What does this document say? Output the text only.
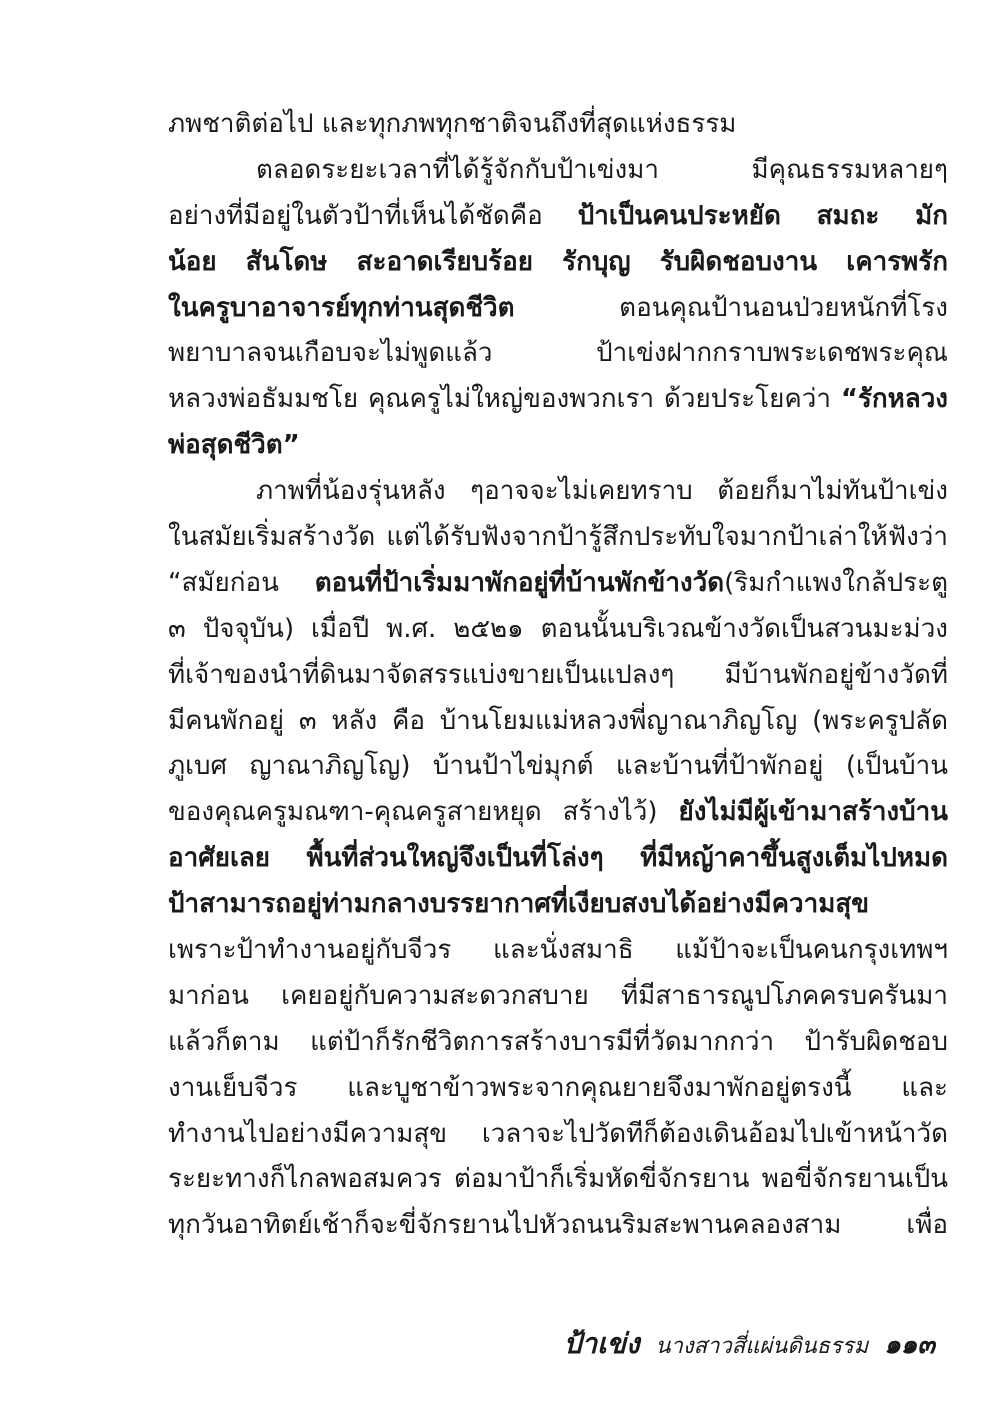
ภพชาติต่อไป และทุกภพทุกชาติจนถึงที่สุดแห่งธรรม
ตลอดระยะเวลาที่ได้รู้จักกับป้าเข่งมา มีคุณธรรมหลายๆ
อย่างที่มีอยู่ในตัวป้าที่เห็นได้ชัดคือ ป้าเป็นคนประหยัด สมถะ มัก
น้อย สันโดษ สะอาดเรียบร้อย รักบุญ รับผิดชอบงาน เคารพรัก
ในครูบาอาจารย์ทุกท่านสุดชีวิต ตอนคุณป้านอนป่วยหนักที่โรง
พยาบาลจนเกือบจะไม่พูดแล้ว ป้าเข่งฝากกราบพระเดชพระคุณ
หลวงพ่อธัมมชโย คุณครูไม่ใหญ่ของพวกเรา ด้วยประโยคว่า “รักหลวง
พ่อสุดชีวิต”
ภาพที่น้องรุ่นหลัง ๆอาจจะไม่เคยทราบ ต้อยก็มาไม่ทันป้าเข่ง
ในสมัยเริ่มสร้างวัด แต่ได้รับฟังจากป้ารู้สึกประทับใจมากป้าเล่าให้ฟังว่า
“สมัยก่อน ตอนที่ป้าเริ่มมาพักอยู่ที่บ้านพักข้างวัด(ริมกำแพงใกล้ประตู
๓ ปัจจุบัน) เมื่อปี พ.ศ. ๒๕๒๑ ตอนนั้นบริเวณข้างวัดเป็นสวนมะม่วง
ที่เจ้าของนำที่ดินมาจัดสรรแบ่งขายเป็นแปลงๆ มีบ้านพักอยู่ข้างวัดที่
มีคนพักอยู่ ๓ หลัง คือ บ้านโยมแม่หลวงพี่ญาณาภิญโญ (พระครูปลัด
ภูเบศ ญาณาภิญโญ) บ้านป้าไข่มุกต์ และบ้านที่ป้าพักอยู่ (เป็นบ้าน
ของคุณครูมณฑา-คุณครูสายหยุด สร้างไว้) ยังไม่มีผู้เข้ามาสร้างบ้าน
อาศัยเลย พื้นที่ส่วนใหญ่จึงเป็นที่โล่งๆ ที่มีหญ้าคาขึ้นสูงเต็มไปหมด
ป้าสามารถอยู่ท่ามกลางบรรยากาศที่เงียบสงบได้อย่างมีความสุข
เพราะป้าทำงานอยู่กับจีวร และนั่งสมาธิ แม้ป้าจะเป็นคนกรุงเทพฯ
มาก่อน เคยอยู่กับความสะดวกสบาย ที่มีสาธารณูปโภคครบครันมา
แล้วก็ตาม แต่ป้าก็รักชีวิตการสร้างบารมีที่วัดมากกว่า ป้ารับผิดชอบ
งานเย็บจีวร และบูชาข้าวพระจากคุณยายจึงมาพักอยู่ตรงนี้ และ
ทำงานไปอย่างมีความสุข เวลาจะไปวัดทีก็ต้องเดินอ้อมไปเข้าหน้าวัด
ระยะทางก็ไกลพอสมควร ต่อมาป้าก็เริ่มหัดขี่จักรยาน พอขี่จักรยานเป็น
ทุกวันอาทิตย์เช้าก็จะขี่จักรยานไปหัวถนนริมสะพานคลองสาม เพื่อ
ป้าเข่ง นางสาวสี่แผ่นดินธรรม ๑๑๓
